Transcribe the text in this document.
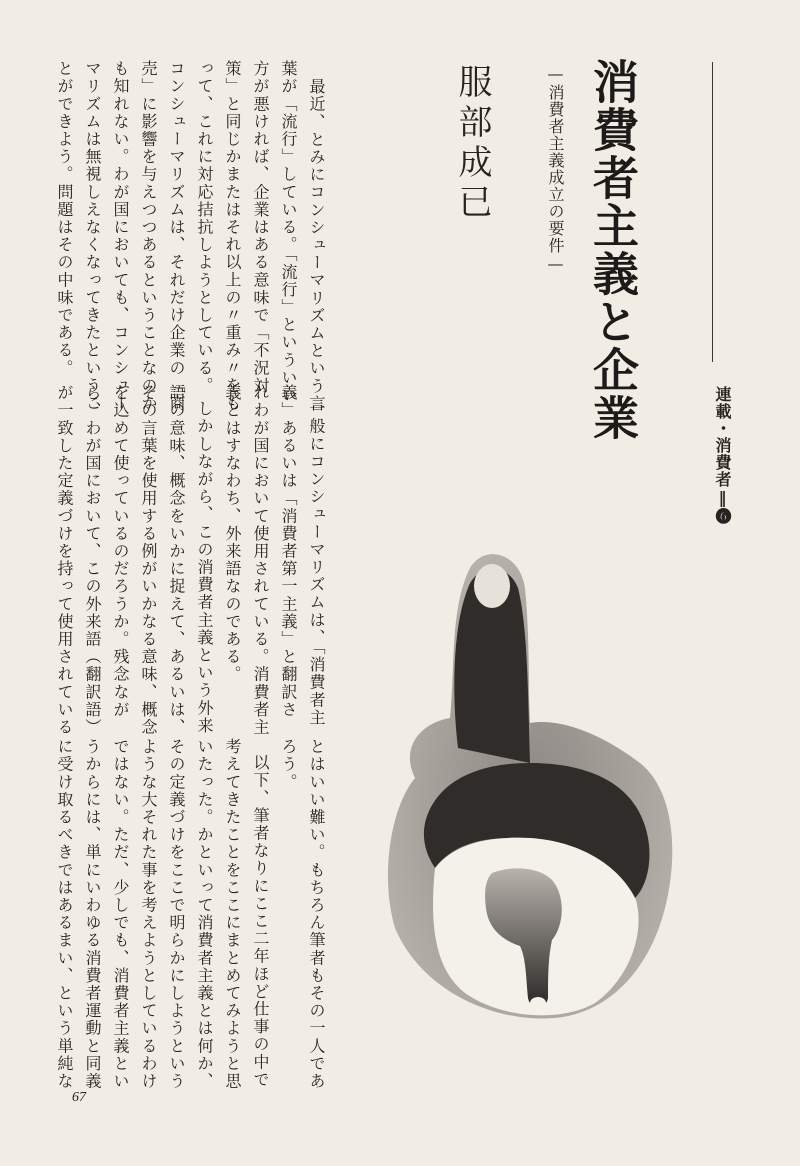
消費者主義と企業
—消費者主義成立の要件—
服部成已
連載・消費者‖❻
最近、とみにコンシューマリズムという言
葉が「流行」している。「流行」といういい
方が悪ければ、企業はある意味で「不況対
策」と同じかまたはそれ以上の〃重み〃をも
って、これに対応拮抗しようとしている。
コンシューマリズムは、それだけ企業の「商
売」に影響を与えつつあるということなのか
も知れない。わが国においても、コンシュー
マリズムは無視しえなくなってきたというこ
とができよう。問題はその中味である。
一般にコンシューマリズムは、「消費者主
義」あるいは「消費者第一主義」と翻訳さ
れわが国において使用されている。消費者主
義とはすなわち、外来語なのである。
しかしながら、この消費者主義という外来
語の意味、概念をいかに捉えて、あるいは、
その言葉を使用する例がいかなる意味、概念
を込めて使っているのだろうか。残念なが
ら、わが国において、この外来語（翻訳語）
が一致した定義づけを持って使用されている
とはいい難い。もちろん筆者もその一人であ
ろう。
以下、筆者なりにここ二年ほど仕事の中で
考えてきたことをここにまとめてみようと思
いたった。かといって消費者主義とは何か、
その定義づけをここで明らかにしようという
ような大それた事を考えようとしているわけ
ではない。ただ、少しでも、消費者主義とい
うからには、単にいわゆる消費者運動と同義
に受け取るべきではあるまい、という単純な
67
